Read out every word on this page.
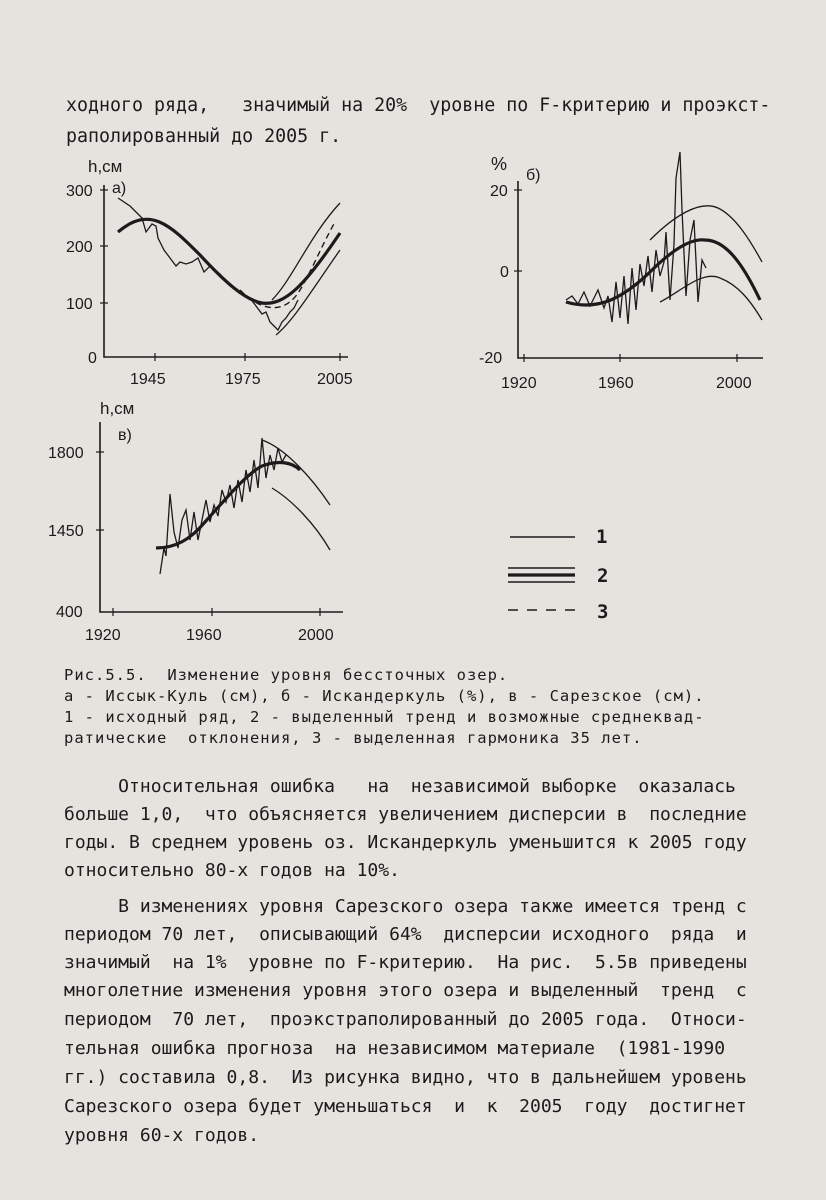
ходного ряда,   значимый на 20%  уровне по F-критерию и проэкст-
раполированный до 2005 г.
h,см
а)
300
200
100
0
1945	1975	2005
%
б)
20
0
-20
1920	1960	2000
h,см
в)
1800
1450
400
1920	1960	2000
1
2
3
Рис.5.5.  Изменение уровня бессточных озер.
а - Иссык-Куль (см), б - Искандеркуль (%), в - Сарезское (см).
1 - исходный ряд, 2 - выделенный тренд и возможные среднеквад-
ратические  отклонения, 3 - выделенная гармоника 35 лет.
Относительная ошибка   на  независимой выборке  оказалась
больше 1,0,  что объясняется увеличением дисперсии в  последние
годы. В среднем уровень оз. Искандеркуль уменьшится к 2005 году
относительно 80-х годов на 10%.
В изменениях уровня Сарезского озера также имеется тренд с
периодом 70 лет,  описывающий 64%  дисперсии исходного  ряда  и
значимый  на 1%  уровне по F-критерию.  На рис.  5.5в приведены
многолетние изменения уровня этого озера и выделенный  тренд  с
периодом  70 лет,  проэкстраполированный до 2005 года.  Относи-
тельная ошибка прогноза  на независимом материале  (1981-1990
гг.) составила 0,8.  Из рисунка видно, что в дальнейшем уровень
Сарезского озера будет уменьшаться  и  к  2005  году  достигнет
уровня 60-х годов.
